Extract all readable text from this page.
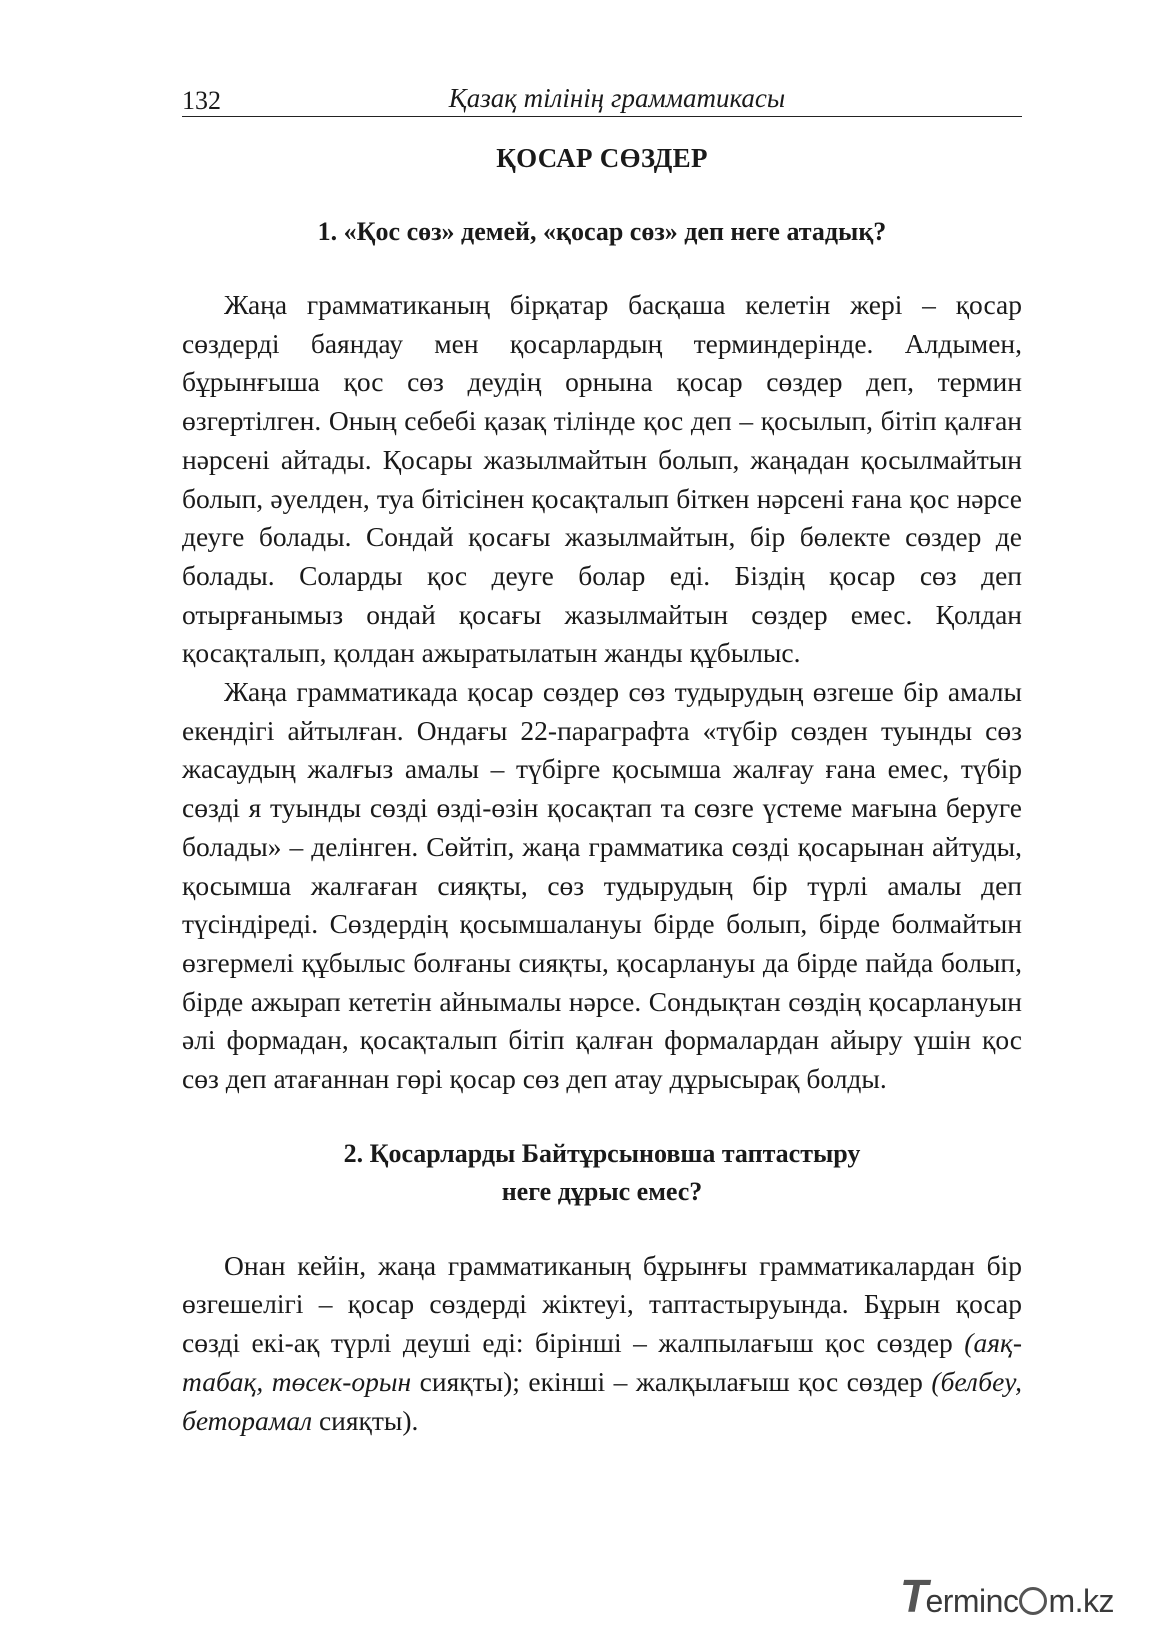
132	Қазақ тілінің грамматикасы
ҚОСАР СӨЗДЕР
1. «Қос сөз» демей, «қосар сөз» деп неге атадық?

Жаңа грамматиканың бірқатар басқаша келетін жері – қосар сөздерді баяндау мен қосарлардың терминдерінде. Алдымен, бұрынғыша қос сөз деудің орнына қосар сөздер деп, термин өзгертілген. Оның себебі қазақ тілінде қос деп – қосылып, бітіп қалған нәрсені айтады. Қосары жазылмайтын болып, жаңадан қосылмайтын болып, әуелден, туа бітісінен қосақталып біткен нәрсені ғана қос нәрсе деуге болады. Сондай қосағы жазылмайтын, бір бөлекте сөздер де болады. Соларды қос деуге болар еді. Біздің қосар сөз деп отырғанымыз ондай қосағы жазылмайтын сөздер емес. Қолдан қосақталып, қолдан ажыратылатын жанды құбылыс.

Жаңа грамматикада қосар сөздер сөз тудырудың өзгеше бір амалы екендігі айтылған. Ондағы 22-параграфта «түбір сөзден туынды сөз жасаудың жалғыз амалы – түбірге қосымша жалғау ғана емес, түбір сөзді я туынды сөзді өзді-өзін қосақтап та сөзге үстеме мағына беруге болады» – делінген. Сөйтіп, жаңа грамматика сөзді қосарынан айтуды, қосымша жалғаған сияқты, сөз тудырудың бір түрлі амалы деп түсіндіреді. Сөздердің қосымшалануы бірде болып, бірде болмайтын өзгермелі құбылыс болғаны сияқты, қосарлануы да бірде пайда болып, бірде ажырап кететін айнымалы нәрсе. Сондықтан сөздің қосарлануын әлі формадан, қосақталып бітіп қалған формалардан айыру үшін қос сөз деп атағаннан гөрі қосар сөз деп атау дұрысырақ болды.

2. Қосарларды Байтұрсыновша таптастыру
неге дұрыс емес?

Онан кейін, жаңа грамматиканың бұрынғы грамматикалардан бір өзгешелігі – қосар сөздерді жіктеуі, таптастыруында. Бұрын қосар сөзді екі-ақ түрлі деуші еді: бірінші – жалпылағыш қос сөздер (аяқ-табақ, төсек-орын сияқты); екінші – жалқылағыш қос сөздер (белбеу, беторамал сияқты).

T
erminc m.kz
